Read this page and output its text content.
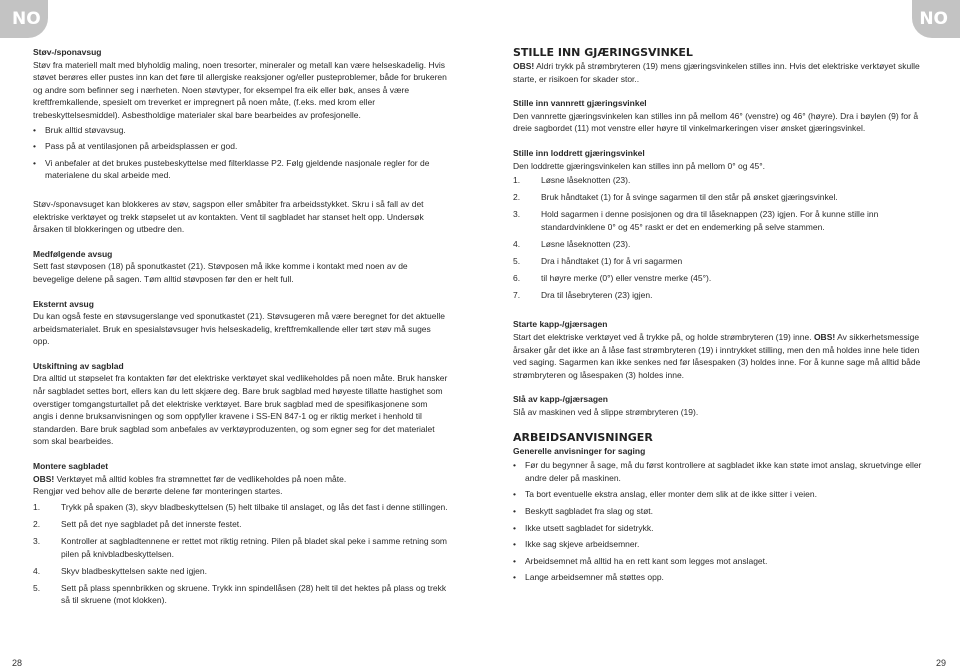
NO	NO

Støv-/sponavsug

Støv fra materiell malt med blyholdig maling, noen tresorter, mineraler og metall kan være helseskadelig. Hvis støvet berøres eller pustes inn kan det føre til allergiske reaksjoner og/eller pusteproblemer, både for brukeren og andre som befinner seg i nærheten. Noen støvtyper, for eksempel fra eik eller bøk, anses å være kreftfremkallende, spesielt om treverket er impregnert på noen måte, (f.eks. med krom eller trebeskyttelsesmiddel). Asbestholdige materialer skal bare bearbeides av profesjonelle.

•
Bruk alltid støvavsug.
•
Pass på at ventilasjonen på arbeidsplassen er god.
•
Vi anbefaler at det brukes pustebeskyttelse med filterklasse P2. Følg gjeldende nasjonale regler for de materialene du skal arbeide med.

Støv-/sponavsuget kan blokkeres av støv, sagspon eller småbiter fra arbeidsstykket. Skru i så fall av det elektriske verktøyet og trekk støpselet ut av kontakten. Vent til sagbladet har stanset helt opp. Undersøk årsaken til blokkeringen og utbedre den.

Medfølgende avsug

Sett fast støvposen (18) på sponutkastet (21). Støvposen må ikke komme i kontakt med noen av de bevegelige delene på sagen. Tøm alltid støvposen før den er helt full.

Eksternt avsug

Du kan også feste en støvsugerslange ved sponutkastet (21). Støvsugeren må være beregnet for det aktuelle arbeidsmaterialet. Bruk en spesialstøvsuger hvis helseskadelig, kreftfremkallende eller tørt støv må suges opp.

Utskiftning av sagblad

Dra alltid ut støpselet fra kontakten før det elektriske verktøyet skal vedlikeholdes på noen måte. Bruk hansker når sagbladet settes bort, ellers kan du lett skjære deg. Bare bruk sagblad med høyeste tillatte hastighet som overstiger tomgangsturtallet på det elektriske verktøyet. Bare bruk sagblad med de spesifikasjonene som angis i denne bruksanvisningen og som oppfyller kravene i SS-EN 847-1 og er riktig merket i henhold til standarden. Bare bruk sagblad som anbefales av verktøyproduzenten, og som egner seg for det materialet som skal bearbeides.

Montere sagbladet

OBS! Verktøyet må alltid kobles fra strømnettet før de vedlikeholdes på noen måte.

Rengjør ved behov alle de berørte delene før monteringen startes.

1.	Trykk på spaken (3), skyv bladbeskyttelsen (5) helt tilbake til anslaget, og lås det fast i denne stillingen.
2.	Sett på det nye sagbladet på det innerste festet.
3.	Kontroller at sagbladtennene er rettet mot riktig retning. Pilen på bladet skal peke i samme retning som pilen på knivbladbeskyttelsen.
4.	Skyv bladbeskyttelsen sakte ned igjen.
5.	Sett på plass spennbrikken og skruene. Trykk inn spindellåsen (28) helt til det hektes på plass og trekk så til skruene (mot klokken).

STILLE INN GJÆRINGSVINKEL

OBS! Aldri trykk på strømbryteren (19) mens gjæringsvinkelen stilles inn. Hvis det elektriske verktøyet skulle starte, er risikoen for skader stor..

Stille inn vannrett gjæringsvinkel

Den vannrette gjæringsvinkelen kan stilles inn på mellom 46° (venstre) og 46° (høyre). Dra i bøylen (9) for å dreie sagbordet (11) mot venstre eller høyre til vinkelmarkeringen viser ønsket gjæringsvinkel.

Stille inn loddrett gjæringsvinkel

Den loddrette gjæringsvinkelen kan stilles inn på mellom 0° og 45°.

1.	Løsne låseknotten (23).
2.	Bruk håndtaket (1) for å svinge sagarmen til den står på ønsket gjæringsvinkel.
3.	Hold sagarmen i denne posisjonen og dra til låseknappen (23) igjen. For å kunne stille inn standardvinklene 0° og 45° raskt er det en endemerking på selve stammen.
4.	Løsne låseknotten (23).
5.	Dra i håndtaket (1) for å vri sagarmen
6.	til høyre merke (0°) eller venstre merke (45°).
7.	Dra til låsebryteren (23) igjen.

Starte kapp-/gjærsagen

Start det elektriske verktøyet ved å trykke på, og holde strømbryteren (19) inne. OBS! Av sikkerhetsmessige årsaker går det ikke an å låse fast strømbryteren (19) i inntrykket stilling, men den må holdes inne hele tiden ved saging. Sagarmen kan ikke senkes ned før låsespaken (3) holdes inne. For å kunne sage må alltid både strømbryteren og låsespaken (3) holdes inne.

Slå av kapp-/gjærsagen

Slå av maskinen ved å slippe strømbryteren (19).

ARBEIDSANVISNINGER

Generelle anvisninger for saging

•
Før du begynner å sage, må du først kontrollere at sagbladet ikke kan støte imot anslag, skruetvinge eller andre deler på maskinen.
•
Ta bort eventuelle ekstra anslag, eller monter dem slik at de ikke sitter i veien.
•
Beskytt sagbladet fra slag og støt.
•
Ikke utsett sagbladet for sidetrykk.
•
Ikke sag skjeve arbeidsemner.
•
Arbeidsemnet må alltid ha en rett kant som legges mot anslaget.
•
Lange arbeidsemner må støttes opp.
28	29
